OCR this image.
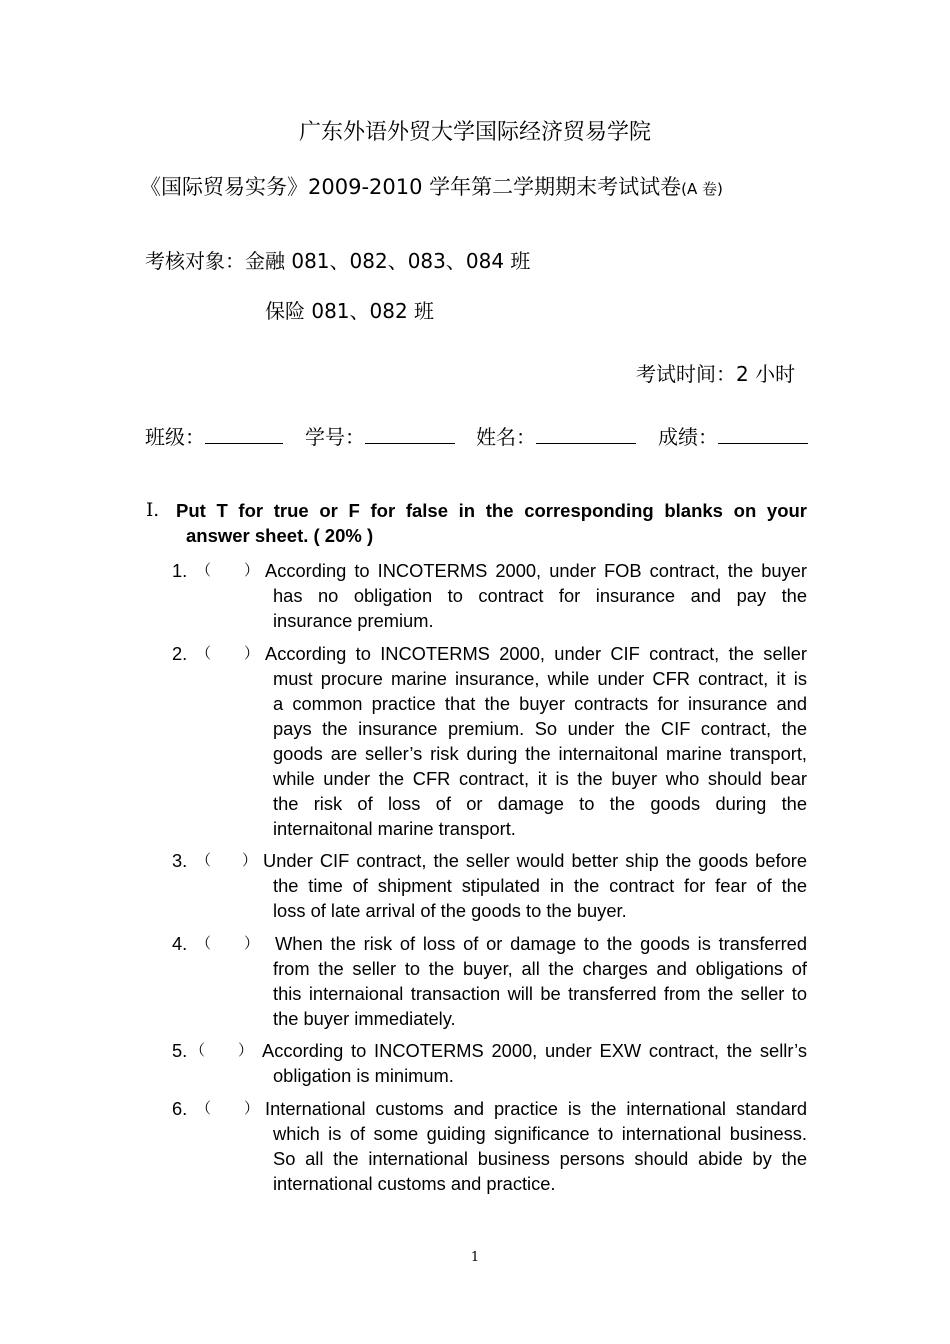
广东外语外贸大学国际经济贸易学院
《国际贸易实务》2009-2010 学年第二学期期末考试试卷(A 卷)
考核对象：金融 081、082、083、084 班
保险 081、082 班
考试时间：2 小时
班级：	学号：	姓名：	成绩：
Ⅰ. Put T for true or F for false in the corresponding blanks on your
answer sheet. ( 20% )
1. （ ） According to INCOTERMS 2000, under FOB contract, the buyer
has no obligation to contract for insurance and pay the
insurance premium.
2. （ ） According to INCOTERMS 2000, under CIF contract, the seller
must procure marine insurance, while under CFR contract, it is
a common practice that the buyer contracts for insurance and
pays the insurance premium. So under the CIF contract, the
goods are seller’s risk during the internaitonal marine transport,
while under the CFR contract, it is the buyer who should bear
the risk of loss of or damage to the goods during the
internaitonal marine transport.
3. （ ） Under CIF contract, the seller would better ship the goods before
the time of shipment stipulated in the contract for fear of the
loss of late arrival of the goods to the buyer.
4. （ ） When the risk of loss of or damage to the goods is transferred
from the seller to the buyer, all the charges and obligations of
this internaional transaction will be transferred from the seller to
the buyer immediately.
5. （ ） According to INCOTERMS 2000, under EXW contract, the sellr’s
obligation is minimum.
6. （ ） International customs and practice is the international standard
which is of some guiding significance to international business.
So all the international business persons should abide by the
international customs and practice.
1
